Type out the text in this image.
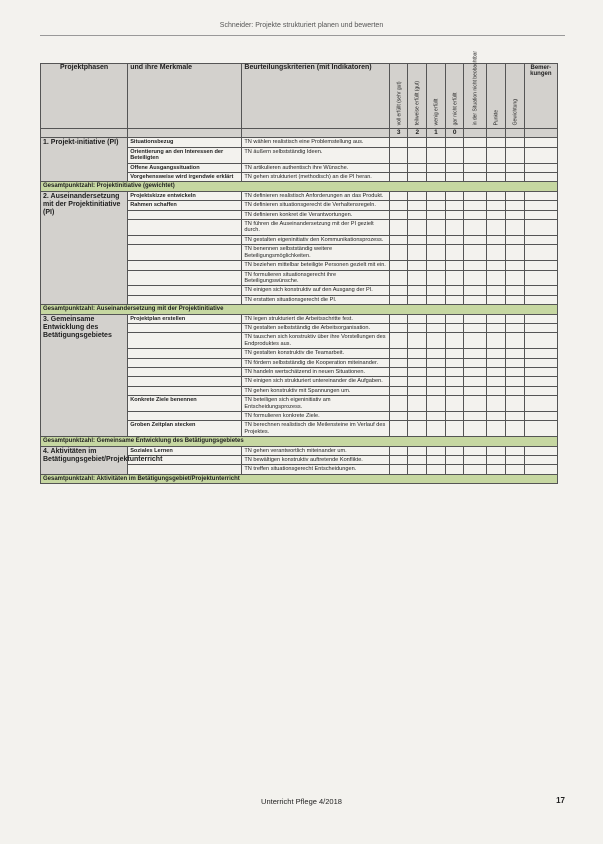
Schneider: Projekte strukturiert planen und bewerten
Projektphasen	und ihre Merkmale	Beurteilungskriterien (mit Indikatoren)	voll erfüllt (sehr gut)	teilweise erfüllt (gut)	wenig erfüllt	gar nicht erfüllt	in der Situation nicht beobachtbar	Punkte	Gewichtung	Bemer-kungen
			3	2	1	0				
1. Projekt-initiative (PI)	Situationsbezug	TN wählen realistisch eine Problemstellung aus.								
	Orientierung an den Interessen der Beteiligten	TN äußern selbstständig Ideen.								
	Offene Ausgangssituation	TN artikulieren authentisch ihre Wünsche.								
	Vorgehensweise wird irgendwie erklärt	TN gehen strukturiert (methodisch) an die PI heran.								
Gesamtpunktzahl: Projektinitiative (gewichtet)										
2. Auseinandersetzung mit der Projektinitiative (PI)	Projektskizze entwickeln	TN definieren realistisch Anforderungen an das Produkt.								
	Rahmen schaffen	TN definieren situationsgerecht die Verhaltensregeln.								
		TN definieren konkret die Verantwortungen.								
		TN führen die Auseinandersetzung mit der PI gezielt durch.								
		TN gestalten eigeninitiativ den Kommunikationsprozess.								
		TN benennen selbstständig weitere Beteiligungsmöglichkeiten.								
		TN beziehen mittelbar beteiligte Personen gezielt mit ein.								
		TN formulieren situationsgerecht ihre Beteiligungswünsche.								
		TN einigen sich konstruktiv auf den Ausgang der PI.								
		TN erstatten situationsgerecht die PI.								
Gesamtpunktzahl: Auseinandersetzung mit der Projektinitiative										
3. Gemeinsame Entwicklung des Betätigungsgebietes	Projektplan erstellen	TN legen strukturiert die Arbeitsschritte fest.								
		TN gestalten selbstständig die Arbeitsorganisation.								
		TN tauschen sich konstruktiv über ihre Vorstellungen des Endproduktes aus.								
		TN gestalten konstruktiv die Teamarbeit.								
		TN fördern selbstständig die Kooperation miteinander.								
		TN handeln wertschätzend in neuen Situationen.								
		TN einigen sich strukturiert untereinander die Aufgaben.								
		TN gehen konstruktiv mit Spannungen um.								
	Konkrete Ziele benennen	TN beteiligen sich eigeninitiativ am Entscheidungsprozess.								
		TN formulieren konkrete Ziele.								
	Groben Zeitplan stecken	TN berechnen realistisch die Meilensteine im Verlauf des Projektes.								
Gesamtpunktzahl: Gemeinsame Entwicklung des Betätigungsgebietes										
4. Aktivitäten im Betätigungsgebiet/Projektunterricht	Soziales Lernen	TN gehen verantwortlich miteinander um.								
		TN bewältigen konstruktiv auftretende Konflikte.								
		TN treffen situationsgerecht Entscheidungen.								
Gesamtpunktzahl: Aktivitäten im Betätigungsgebiet/Projektunterricht										
Unterricht Pflege 4/2018	17
